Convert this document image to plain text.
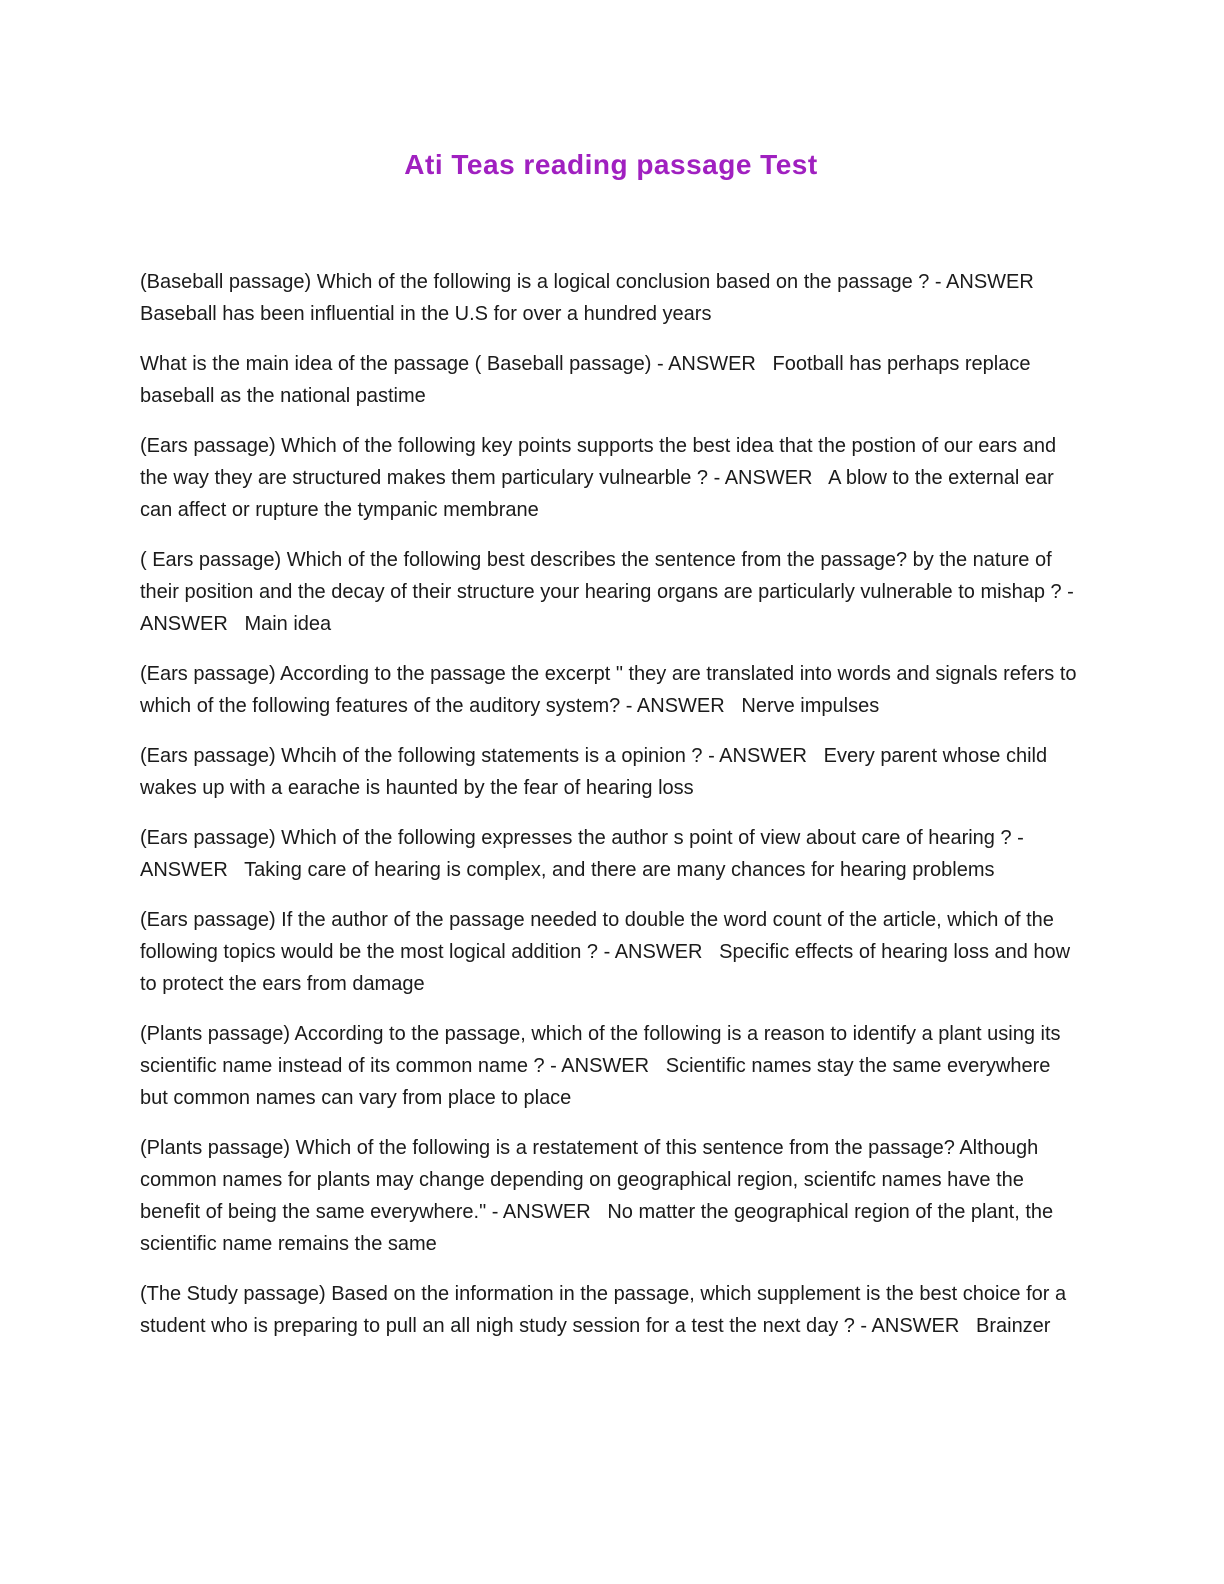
Ati Teas reading passage Test

(Baseball passage) Which of the following is a logical conclusion based on the passage ? - ANSWER   Baseball has been influential in the U.S for over a hundred years

What is the main idea of the passage ( Baseball passage) - ANSWER   Football has perhaps replace baseball as the national pastime

(Ears passage) Which of the following key points supports the best idea that the postion of our ears and the way they are structured makes them particulary vulnearble ? - ANSWER   A blow to the external ear can affect or rupture the tympanic membrane

( Ears passage) Which of the following best describes the sentence from the passage? by the nature of their position and the decay of their structure your hearing organs are particularly vulnerable to mishap ? - ANSWER   Main idea

(Ears passage) According to the passage the excerpt " they are translated into words and signals refers to which of the following features of the auditory system? - ANSWER   Nerve impulses

(Ears passage) Whcih of the following statements is a opinion ? - ANSWER   Every parent whose child wakes up with a earache is haunted by the fear of hearing loss

(Ears passage) Which of the following expresses the author s point of view about care of hearing ? - ANSWER   Taking care of hearing is complex, and there are many chances for hearing problems

(Ears passage) If the author of the passage needed to double the word count of the article, which of the following topics would be the most logical addition ? - ANSWER   Specific effects of hearing loss and how to protect the ears from damage

(Plants passage) According to the passage, which of the following is a reason to identify a plant using its scientific name instead of its common name ? - ANSWER   Scientific names stay the same everywhere but common names can vary from place to place

(Plants passage) Which of the following is a restatement of this sentence from the passage? Although common names for plants may change depending on geographical region, scientifc names have the benefit of being the same everywhere." - ANSWER   No matter the geographical region of the plant, the scientific name remains the same

(The Study passage) Based on the information in the passage, which supplement is the best choice for a student who is preparing to pull an all nigh study session for a test the next day ? - ANSWER   Brainzer
